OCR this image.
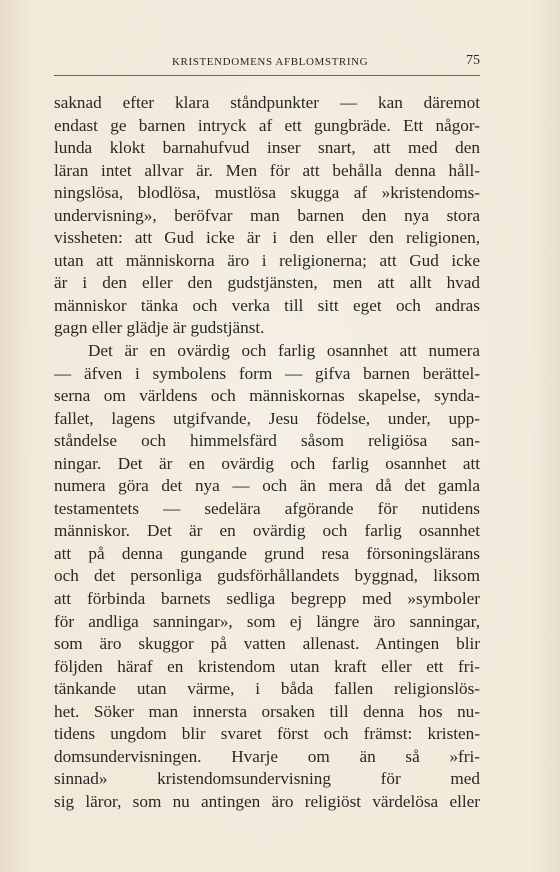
KRISTENDOMENS AFBLOMSTRING	75
saknad efter klara ståndpunkter — kan däremot
endast ge barnen intryck af ett gungbräde. Ett någor-
lunda klokt barnahufvud inser snart, att med den
läran intet allvar är. Men för att behålla denna håll-
ningslösa, blodlösa, mustlösa skugga af »kristendoms-
undervisning», beröfvar man barnen den nya stora
vissheten: att Gud icke är i den eller den religionen,
utan att människorna äro i religionerna; att Gud icke
är i den eller den gudstjänsten, men att allt hvad
människor tänka och verka till sitt eget och andras
gagn eller glädje är gudstjänst.
Det är en ovärdig och farlig osannhet att numera
— äfven i symbolens form — gifva barnen berättel-
serna om världens och människornas skapelse, synda-
fallet, lagens utgifvande, Jesu födelse, under, upp-
ståndelse och himmelsfärd såsom religiösa san-
ningar. Det är en ovärdig och farlig osannhet att
numera göra det nya — och än mera då det gamla
testamentets — sedelära afgörande för nutidens
människor. Det är en ovärdig och farlig osannhet
att på denna gungande grund resa försoningslärans
och det personliga gudsförhållandets byggnad, liksom
att förbinda barnets sedliga begrepp med »symboler
för andliga sanningar», som ej längre äro sanningar,
som äro skuggor på vatten allenast. Antingen blir
följden häraf en kristendom utan kraft eller ett fri-
tänkande utan värme, i båda fallen religionslös-
het. Söker man innersta orsaken till denna hos nu-
tidens ungdom blir svaret först och främst: kristen-
domsundervisningen. Hvarje om än så »fri-
sinnad» kristendomsundervisning för med
sig läror, som nu antingen äro religiöst värdelösa eller
